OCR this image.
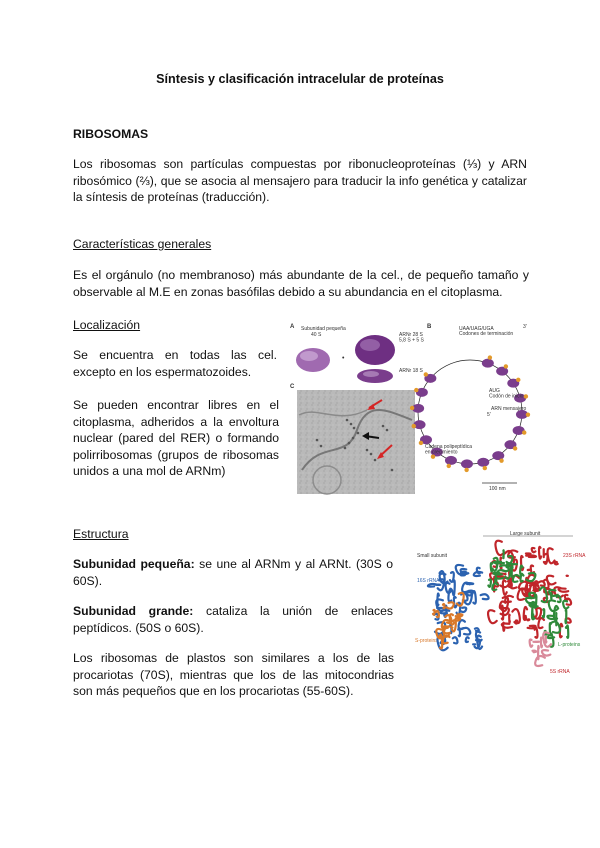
Síntesis y clasificación intracelular de proteínas
RIBOSOMAS
Los ribosomas son partículas compuestas por ribonucleoproteínas (⅓) y ARN ribosómico (⅔), que se asocia al mensajero para traducir la info genética y catalizar la síntesis de proteínas (traducción).
Características generales
Es el orgánulo (no membranoso) más abundante de la cel., de pequeño tamaño y observable al M.E en zonas basófilas debido a su abundancia en el citoplasma.
Localización
Se encuentra en todas las cel. excepto en los espermatozoides.
Se pueden encontrar libres en el citoplasma, adheridos a la envoltura nuclear (pared del RER) o formando polirribosomas (grupos de ribosomas unidos a una mol de ARNm)
A	B
C
Subunidad pequeña 40 S
•
ARNr 28 S 5,8 S + 5 S
ARNr 18 S
UAA/UAG/UGA
Codones de terminación
3'
AUG Codón de inicio
ARN mensajero
5'
Cadena polipeptídica en crecimiento
100 nm
Estructura
Subunidad pequeña: se une al ARNm y al ARNt. (30S o 60S).
Subunidad grande: cataliza la unión de enlaces peptídicos. (50S o 60S).
Los ribosomas de plastos son similares a los de las procariotas (70S), mientras que los de las mitocondrias son más pequeños que en los procariotas (55-60S).
Large subunit
Small subunit	23S rRNA
16S rRNA
S-proteins
L-proteins
5S rRNA
